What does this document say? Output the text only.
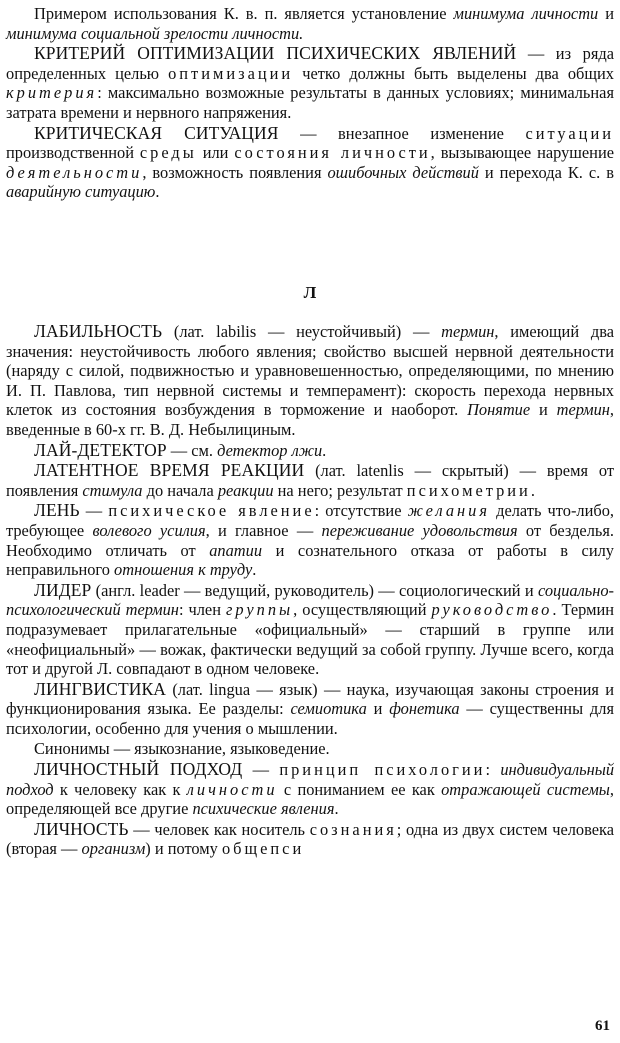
Примером использования К. в. п. является установление минимума личности и минимума социальной зрелости личности.

КРИТЕРИЙ ОПТИМИЗАЦИИ ПСИХИЧЕСКИХ ЯВЛЕНИЙ — из ряда определенных целью оптимизации четко должны быть выделены два общих критерия: максимально возможные результаты в данных условиях; минимальная затрата времени и нервного напряжения.

КРИТИЧЕСКАЯ СИТУАЦИЯ — внезапное изменение ситуации производственной среды или состояния личности, вызывающее нарушение деятельности, возможность появления ошибочных действий и перехода К. с. в аварийную ситуацию.

Л

ЛАБИЛЬНОСТЬ (лат. labilis — неустойчивый) — термин, имеющий два значения: неустойчивость любого явления; свойство высшей нервной деятельности (наряду с силой, подвижностью и уравновешенностью, определяющими, по мнению И. П. Павлова, тип нервной системы и темперамент): скорость перехода нервных клеток из состояния возбуждения в торможение и наоборот. Понятие и термин, введенные в 60-х гг. В. Д. Небылициным.

ЛАЙ-ДЕТЕКТОР — см. детектор лжи.

ЛАТЕНТНОЕ ВРЕМЯ РЕАКЦИИ (лат. latenlis — скрытый) — время от появления стимула до начала реакции на него; результат психометрии.

ЛЕНЬ — психическое явление: отсутствие желания делать что-либо, требующее волевого усилия, и главное — переживание удовольствия от безделья. Необходимо отличать от апатии и сознательного отказа от работы в силу неправильного отношения к труду.

ЛИДЕР (англ. leader — ведущий, руководитель) — социологический и социально-психологический термин: член группы, осуществляющий руководство. Термин подразумевает прилагательные «официальный» — старший в группе или «неофициальный» — вожак, фактически ведущий за собой группу. Лучше всего, когда тот и другой Л. совпадают в одном человеке.

ЛИНГВИСТИКА (лат. lingua — язык) — наука, изучающая законы строения и функционирования языка. Ее разделы: семиотика и фонетика — существенны для психологии, особенно для учения о мышлении.

Синонимы — языкознание, языковедение.

ЛИЧНОСТНЫЙ ПОДХОД — принцип психологии: индивидуальный подход к человеку как к личности с пониманием ее как отражающей системы, определяющей все другие психические явления.

ЛИЧНОСТЬ — человек как носитель сознания; одна из двух систем человека (вторая — организм) и потому общепси

61
